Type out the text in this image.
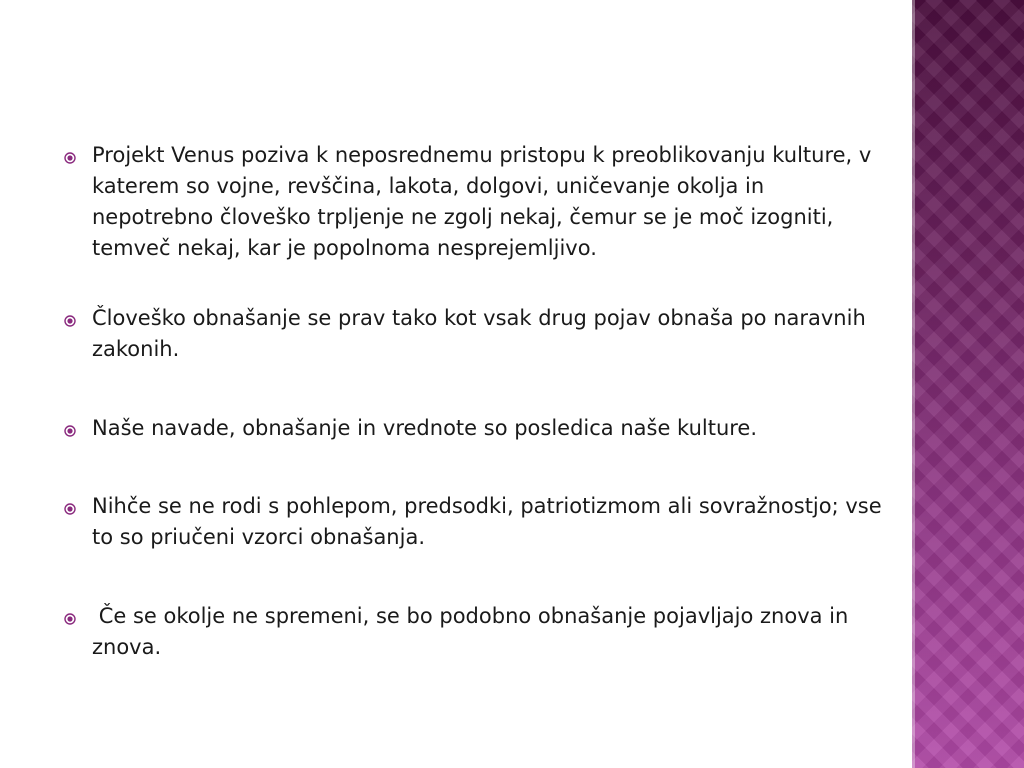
Projekt Venus poziva k neposrednemu pristopu k preoblikovanju kulture, v katerem so vojne, revščina, lakota, dolgovi, uničevanje okolja in nepotrebno človeško trpljenje ne zgolj nekaj, čemur se je moč izogniti, temveč nekaj, kar je popolnoma nesprejemljivo.
Človeško obnašanje se prav tako kot vsak drug pojav obnaša po naravnih zakonih.
Naše navade, obnašanje in vrednote so posledica naše kulture.
Nihče se ne rodi s pohlepom, predsodki, patriotizmom ali sovražnostjo; vse to so priučeni vzorci obnašanja.
Če se okolje ne spremeni, se bo podobno obnašanje pojavljajo znova in znova.
